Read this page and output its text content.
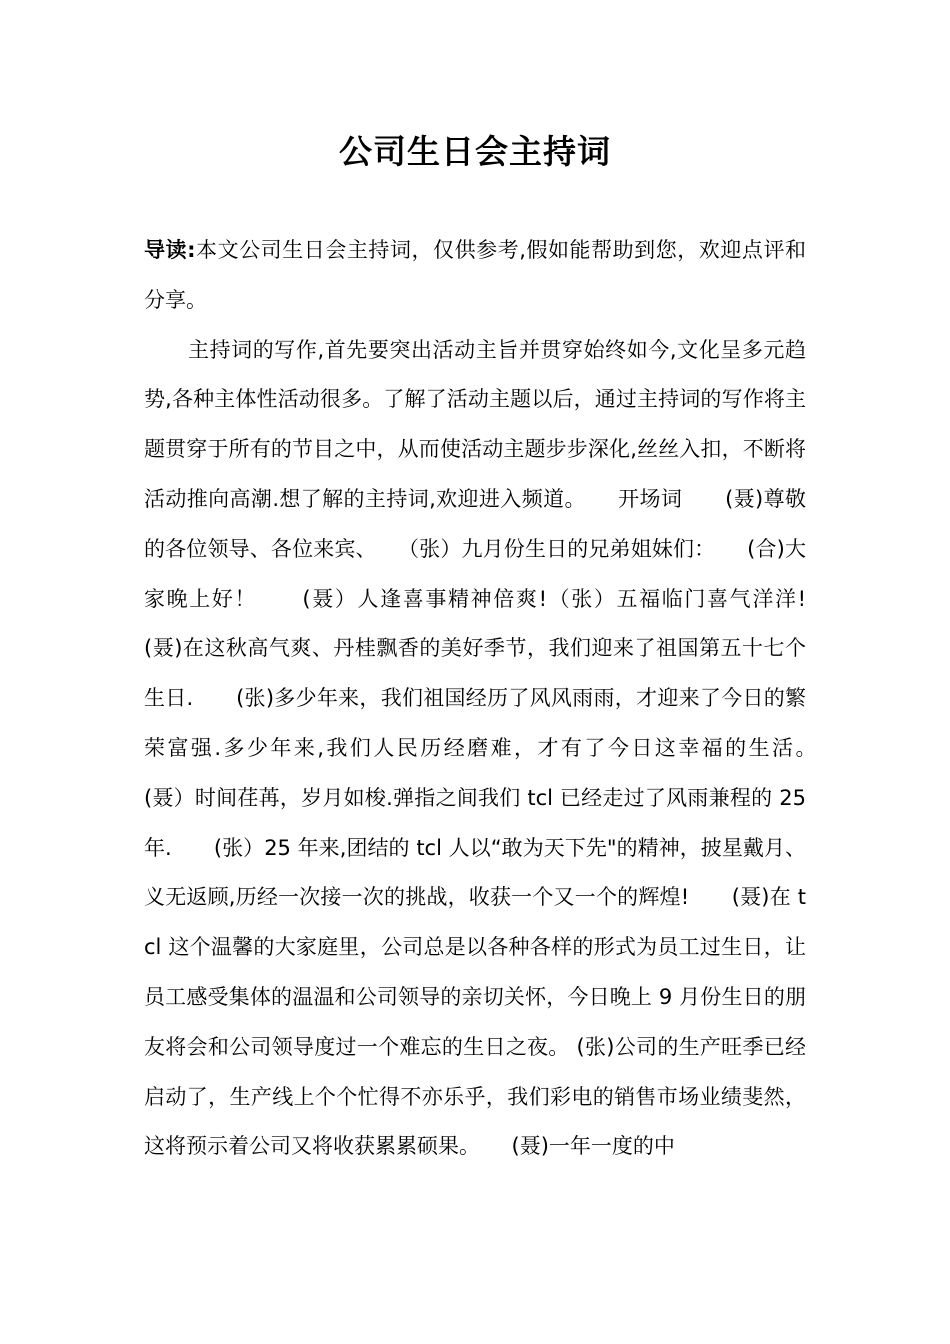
公司生日会主持词

导读:本文公司生日会主持词，仅供参考,假如能帮助到您，欢迎点评和分享。

主持词的写作,首先要突出活动主旨并贯穿始终如今,文化呈多元趋势,各种主体性活动很多。了解了活动主题以后，通过主持词的写作将主题贯穿于所有的节目之中，从而使活动主题步步深化,丝丝入扣，不断将活动推向高潮.想了解的主持词,欢迎进入频道。　　开场词　　(聂)尊敬的各位领导、各位来宾、　　（张）九月份生日的兄弟姐妹们：　　(合)大家晚上好！　　(聂）人逢喜事精神倍爽!（张）五福临门喜气洋洋!　　(聂)在这秋高气爽、丹桂飘香的美好季节，我们迎来了祖国第五十七个生日.　　(张)多少年来，我们祖国经历了风风雨雨，才迎来了今日的繁荣富强.多少年来,我们人民历经磨难，才有了今日这幸福的生活。　　(聂）时间荏苒，岁月如梭.弹指之间我们 tcl 已经走过了风雨兼程的 25 年.　　(张）25 年来,团结的 tcl 人以“敢为天下先"的精神，披星戴月、义无返顾,历经一次接一次的挑战，收获一个又一个的辉煌!　　(聂)在 tcl 这个温馨的大家庭里，公司总是以各种各样的形式为员工过生日，让员工感受集体的温温和公司领导的亲切关怀，今日晚上 9 月份生日的朋友将会和公司领导度过一个难忘的生日之夜。 (张)公司的生产旺季已经启动了，生产线上个个忙得不亦乐乎，我们彩电的销售市场业绩斐然，这将预示着公司又将收获累累硕果。　　(聂)一年一度的中
